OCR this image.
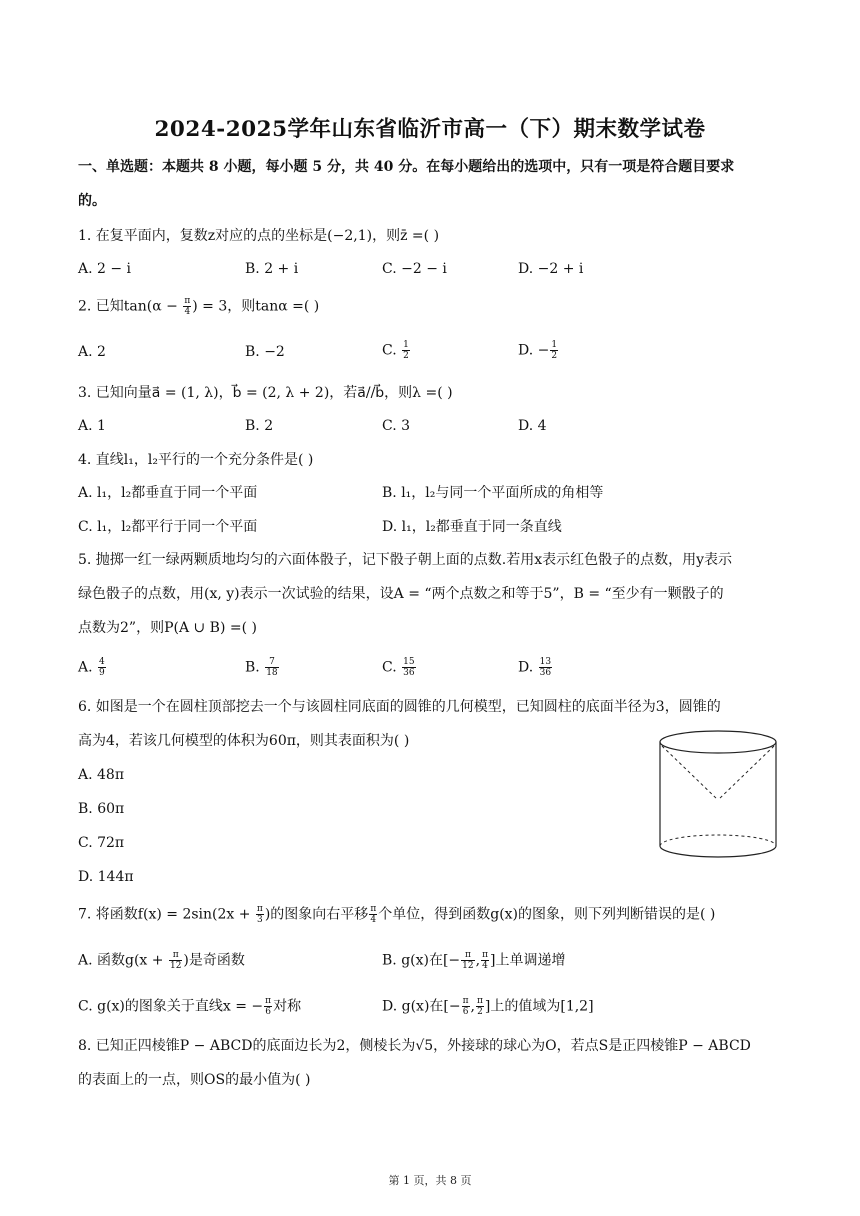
2024-2025学年山东省临沂市高一（下）期末数学试卷
一、单选题：本题共 8 小题，每小题 5 分，共 40 分。在每小题给出的选项中，只有一项是符合题目要求
的。
1. 在复平面内，复数z对应的点的坐标是(−2,1)，则z̄ =( )
A. 2 − i	B. 2 + i	C. −2 − i	D. −2 + i
2. 已知$\tan(\alpha - \frac{\pi}{4}$ ) = 3，则tanα =( )
A. 2	B. −2	C. $\frac{1}{2}$	D. − $\frac{1}{2}$
3. 已知向量a⃗ = (1, λ)，b⃗ = (2, λ + 2)，若a⃗//b⃗，则λ =( )
A. 1	B. 2	C. 3	D. 4
4. 直线l₁，l₂平行的一个充分条件是( )
A. l₁，l₂都垂直于同一个平面	B. l₁，l₂与同一个平面所成的角相等
C. l₁，l₂都平行于同一个平面	D. l₁，l₂都垂直于同一条直线
5. 抛掷一红一绿两颗质地均匀的六面体骰子，记下骰子朝上面的点数.若用x表示红色骰子的点数，用y表示
绿色骰子的点数，用(x, y)表示一次试验的结果，设A = “两个点数之和等于5”，B = “至少有一颗骰子的
点数为2”，则P(A ∪ B) =( )
A. $\frac{4}{9}$	B. $\frac{7}{18}$	C. $\frac{15}{36}$	D. $\frac{13}{36}$
6. 如图是一个在圆柱顶部挖去一个与该圆柱同底面的圆锥的几何模型，已知圆柱的底面半径为3，圆锥的
高为4，若该几何模型的体积为60π，则其表面积为( )
A. 48π
B. 60π
C. 72π
D. 144π
7. 将函数$f(x) = 2\sin(2x + \frac{\pi}{3}$ )的图象向右平移 $\frac{\pi}{4}$ 个单位，得到函数g(x)的图象，则下列判断错误的是( )
A. 函数$g(x + \frac{\pi}{12}$ )是奇函数	B. g(x)在[− $\frac{\pi}{12}$ , $\frac{\pi}{4}$ ]上单调递增
C. g(x)的图象关于直线x = − $\frac{\pi}{6}$ 对称	D. g(x)在[− $\frac{\pi}{6}$ , $\frac{\pi}{2}$ ]上的值域为[1,2]
8. 已知正四棱锥P − ABCD的底面边长为2，侧棱长为√5，外接球的球心为O，若点S是正四棱锥P − ABCD
的表面上的一点，则OS的最小值为( )
第 1 页，共 8 页
